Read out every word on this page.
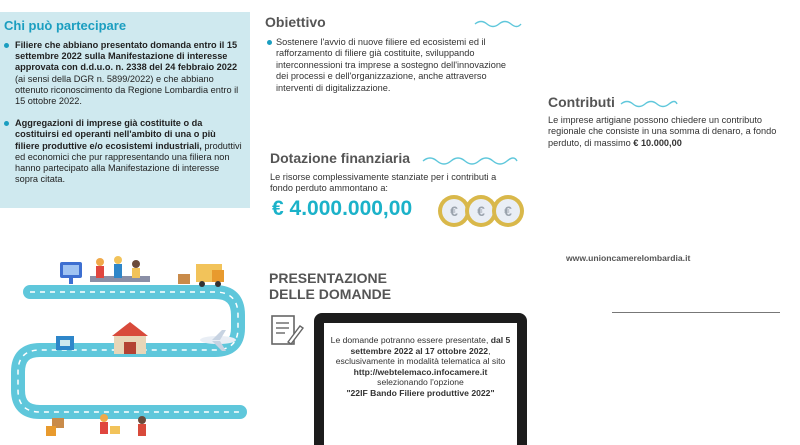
Chi può partecipare
Filiere che abbiano presentato domanda entro il 15 settembre 2022 sulla Manifestazione di interesse approvata con d.d.u.o. n. 2338 del 24 febbraio 2022 (ai sensi della DGR n. 5899/2022) e che abbiano ottenuto riconoscimento da Regione Lombardia entro il 15 ottobre 2022.
Aggregazioni di imprese già costituite o da costituirsi ed operanti nell'ambito di una o più filiere produttive e/o ecosistemi industriali, produttivi ed economici che pur rappresentando una filiera non hanno partecipato alla Manifestazione di interesse sopra citata.
Obiettivo
Sostenere l'avvio di nuove filiere ed ecosistemi ed il rafforzamento di filiere già costituite, sviluppando interconnessioni tra imprese a sostegno dell'innovazione dei processi e dell'organizzazione, anche attraverso interventi di digitalizzazione.
Dotazione finanziaria
Le risorse complessivamente stanziate per i contributi a fondo perduto ammontano a:
€ 4.000.000,00	€ € €
PRESENTAZIONE
DELLE DOMANDE
Le domande potranno essere presentate, dal 5 settembre 2022 al 17 ottobre 2022, esclusivamente in modalità telematica al sito
http://webtelemaco.infocamere.it
selezionando l'opzione
"22IF Bando Filiere produttive 2022"
Contributi
Le imprese artigiane possono chiedere un contributo regionale che consiste in una somma di denaro, a fondo perduto, di massimo € 10.000,00
www.unioncamerelombardia.it
